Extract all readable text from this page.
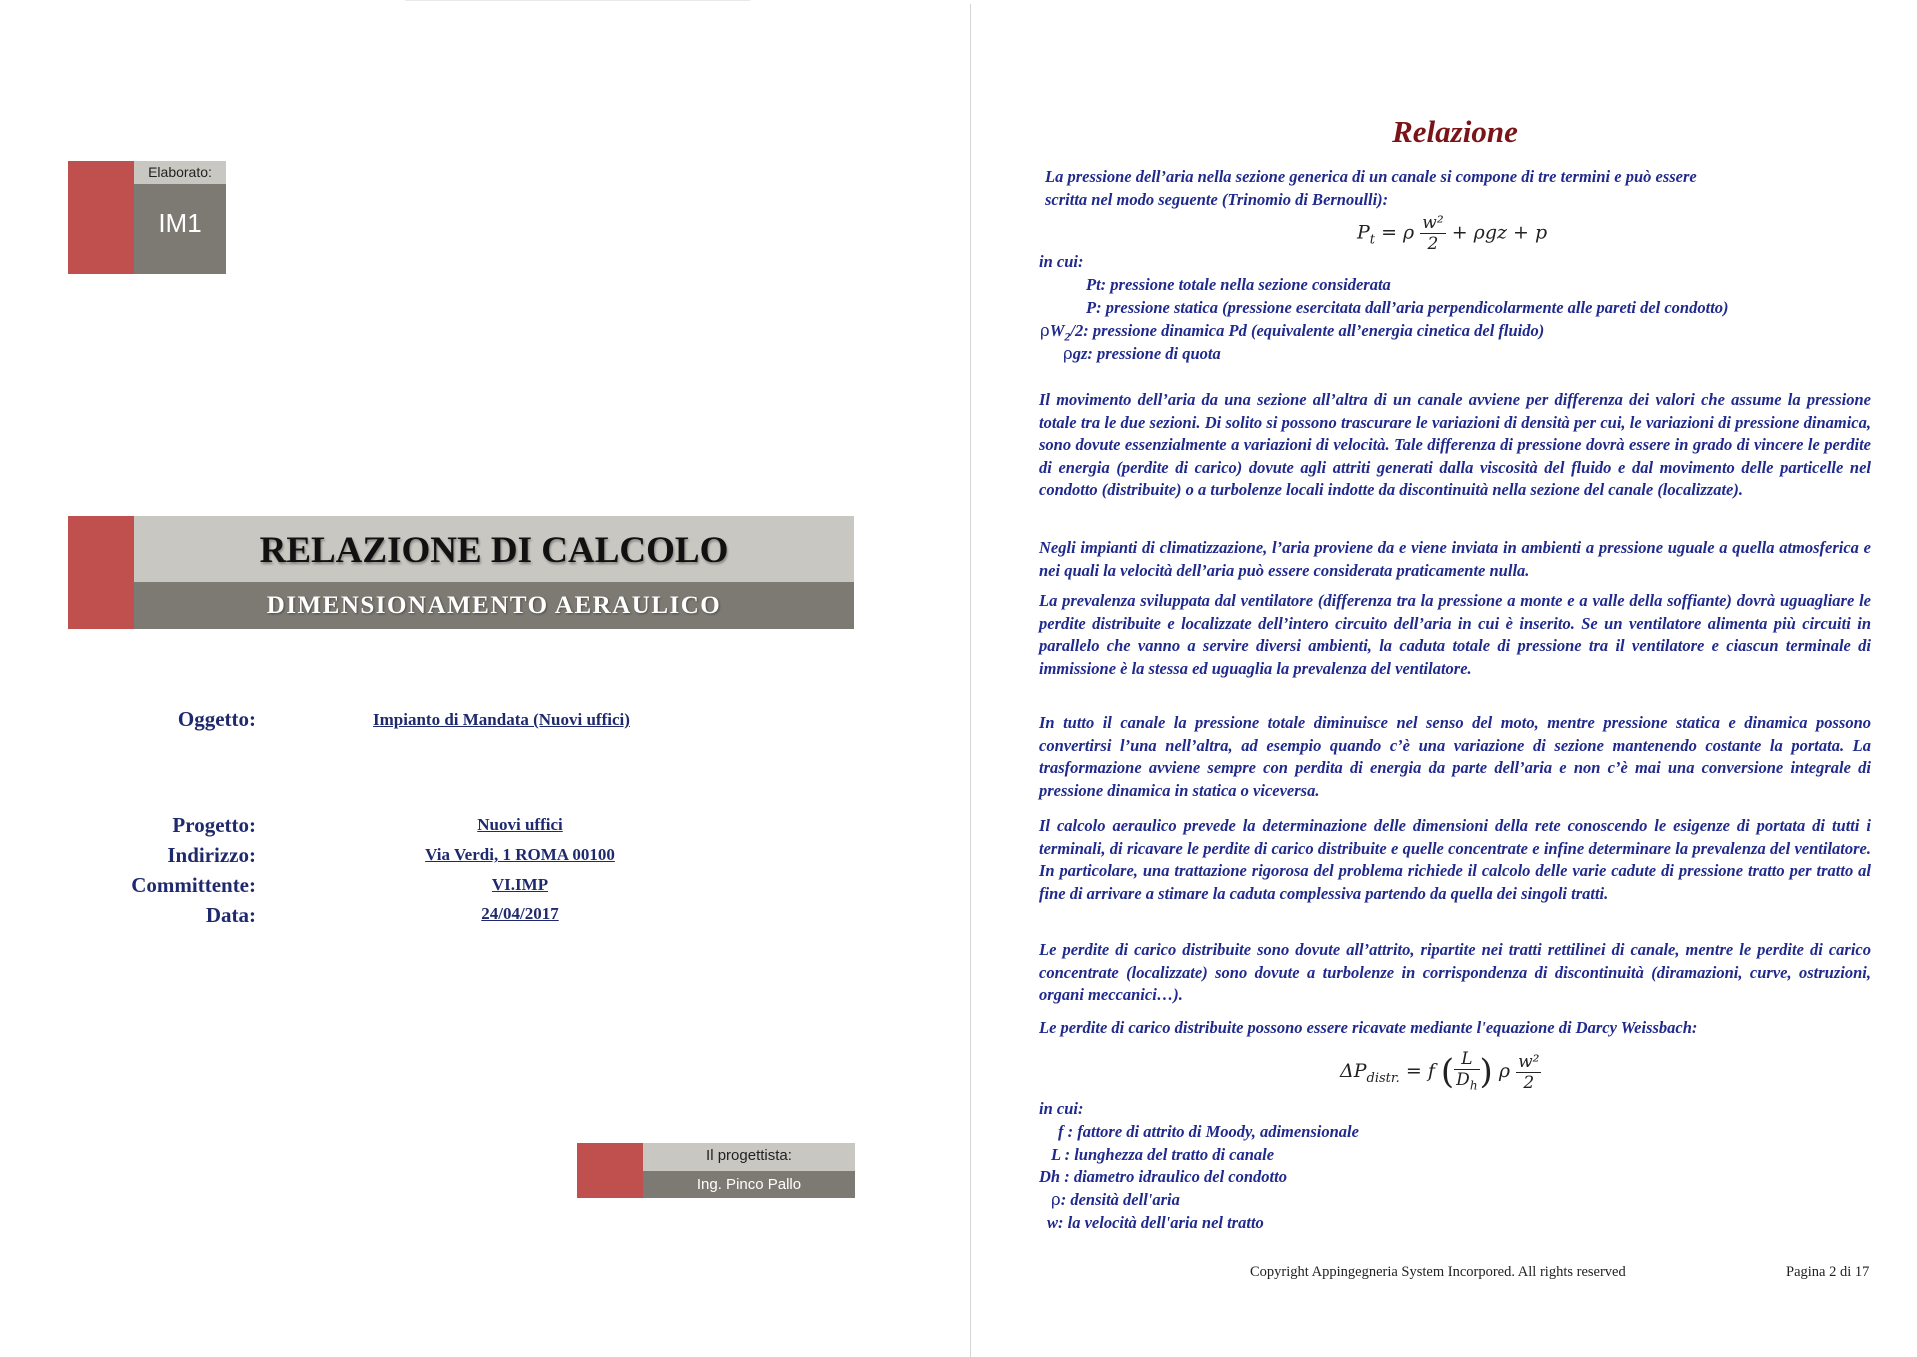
Elaborato:
IM1
RELAZIONE DI CALCOLO
DIMENSIONAMENTO AERAULICO
Oggetto:	Impianto di Mandata (Nuovi uffici)
Progetto:	Nuovi uffici
Indirizzo:	Via Verdi, 1 ROMA 00100
Committente:	VI.IMP
Data:	24/04/2017
Il progettista:
Ing. Pinco Pallo
Relazione
La pressione dell’aria nella sezione generica di un canale si compone di tre termini e può essere
scritta nel modo seguente (Trinomio di Bernoulli):
$P_t = \rho \frac{\text{w²}}{2} + \rho gz + p$
in cui:
Pt: pressione totale nella sezione considerata
P: pressione statica (pressione esercitata dall’aria perpendicolarmente alle pareti del condotto)
$\rho W_2/2$: pressione dinamica Pd (equivalente all’energia cinetica del fluido)
ρgz: pressione di quota
Il movimento dell’aria da una sezione all’altra di un canale avviene per differenza dei valori che assume la pressione totale tra le due sezioni. Di solito si possono trascurare le variazioni di densità per cui, le variazioni di pressione dinamica, sono dovute essenzialmente a variazioni di velocità. Tale differenza di pressione dovrà essere in grado di vincere le perdite di energia (perdite di carico) dovute agli attriti generati dalla viscosità del fluido e dal movimento delle particelle nel condotto (distribuite) o a turbolenze locali indotte da discontinuità nella sezione del canale (localizzate).
Negli impianti di climatizzazione, l’aria proviene da e viene inviata in ambienti a pressione uguale a quella atmosferica e nei quali la velocità dell’aria può essere considerata praticamente nulla.
La prevalenza sviluppata dal ventilatore (differenza tra la pressione a monte e a valle della soffiante) dovrà uguagliare le perdite distribuite e localizzate dell’intero circuito dell’aria in cui è inserito. Se un ventilatore alimenta più circuiti in parallelo che vanno a servire diversi ambienti, la caduta totale di pressione tra il ventilatore e ciascun terminale di immissione è la stessa ed uguaglia la prevalenza del ventilatore.
In tutto il canale la pressione totale diminuisce nel senso del moto, mentre pressione statica e dinamica possono convertirsi l’una nell’altra, ad esempio quando c’è una variazione di sezione mantenendo costante la portata. La trasformazione avviene sempre con perdita di energia da parte dell’aria e non c’è mai una conversione integrale di pressione dinamica in statica o viceversa.
Il calcolo aeraulico prevede la determinazione delle dimensioni della rete conoscendo le esigenze di portata di tutti i terminali, di ricavare le perdite di carico distribuite e quelle concentrate e infine determinare la prevalenza del ventilatore. In particolare, una trattazione rigorosa del problema richiede il calcolo delle varie cadute di pressione tratto per tratto al fine di arrivare a stimare la caduta complessiva partendo da quella dei singoli tratti.
Le perdite di carico distribuite sono dovute all’attrito, ripartite nei tratti rettilinei di canale, mentre le perdite di carico concentrate (localizzate) sono dovute a turbolenze in corrispondenza di discontinuità (diramazioni, curve, ostruzioni, organi meccanici…).
Le perdite di carico distribuite possono essere ricavate mediante l'equazione di Darcy Weissbach:
$\Delta P_{distr.} = f$ ( $\frac{L}{D_h}$ ) ρ $\frac{\text{w²}}{2}$
in cui:
f : fattore di attrito di Moody, adimensionale
L : lunghezza del tratto di canale
Dh : diametro idraulico del condotto
ρ: densità dell'aria
w: la velocità dell'aria nel tratto
Copyright Appingegneria System Incorpored. All rights reserved	Pagina 2 di 17
